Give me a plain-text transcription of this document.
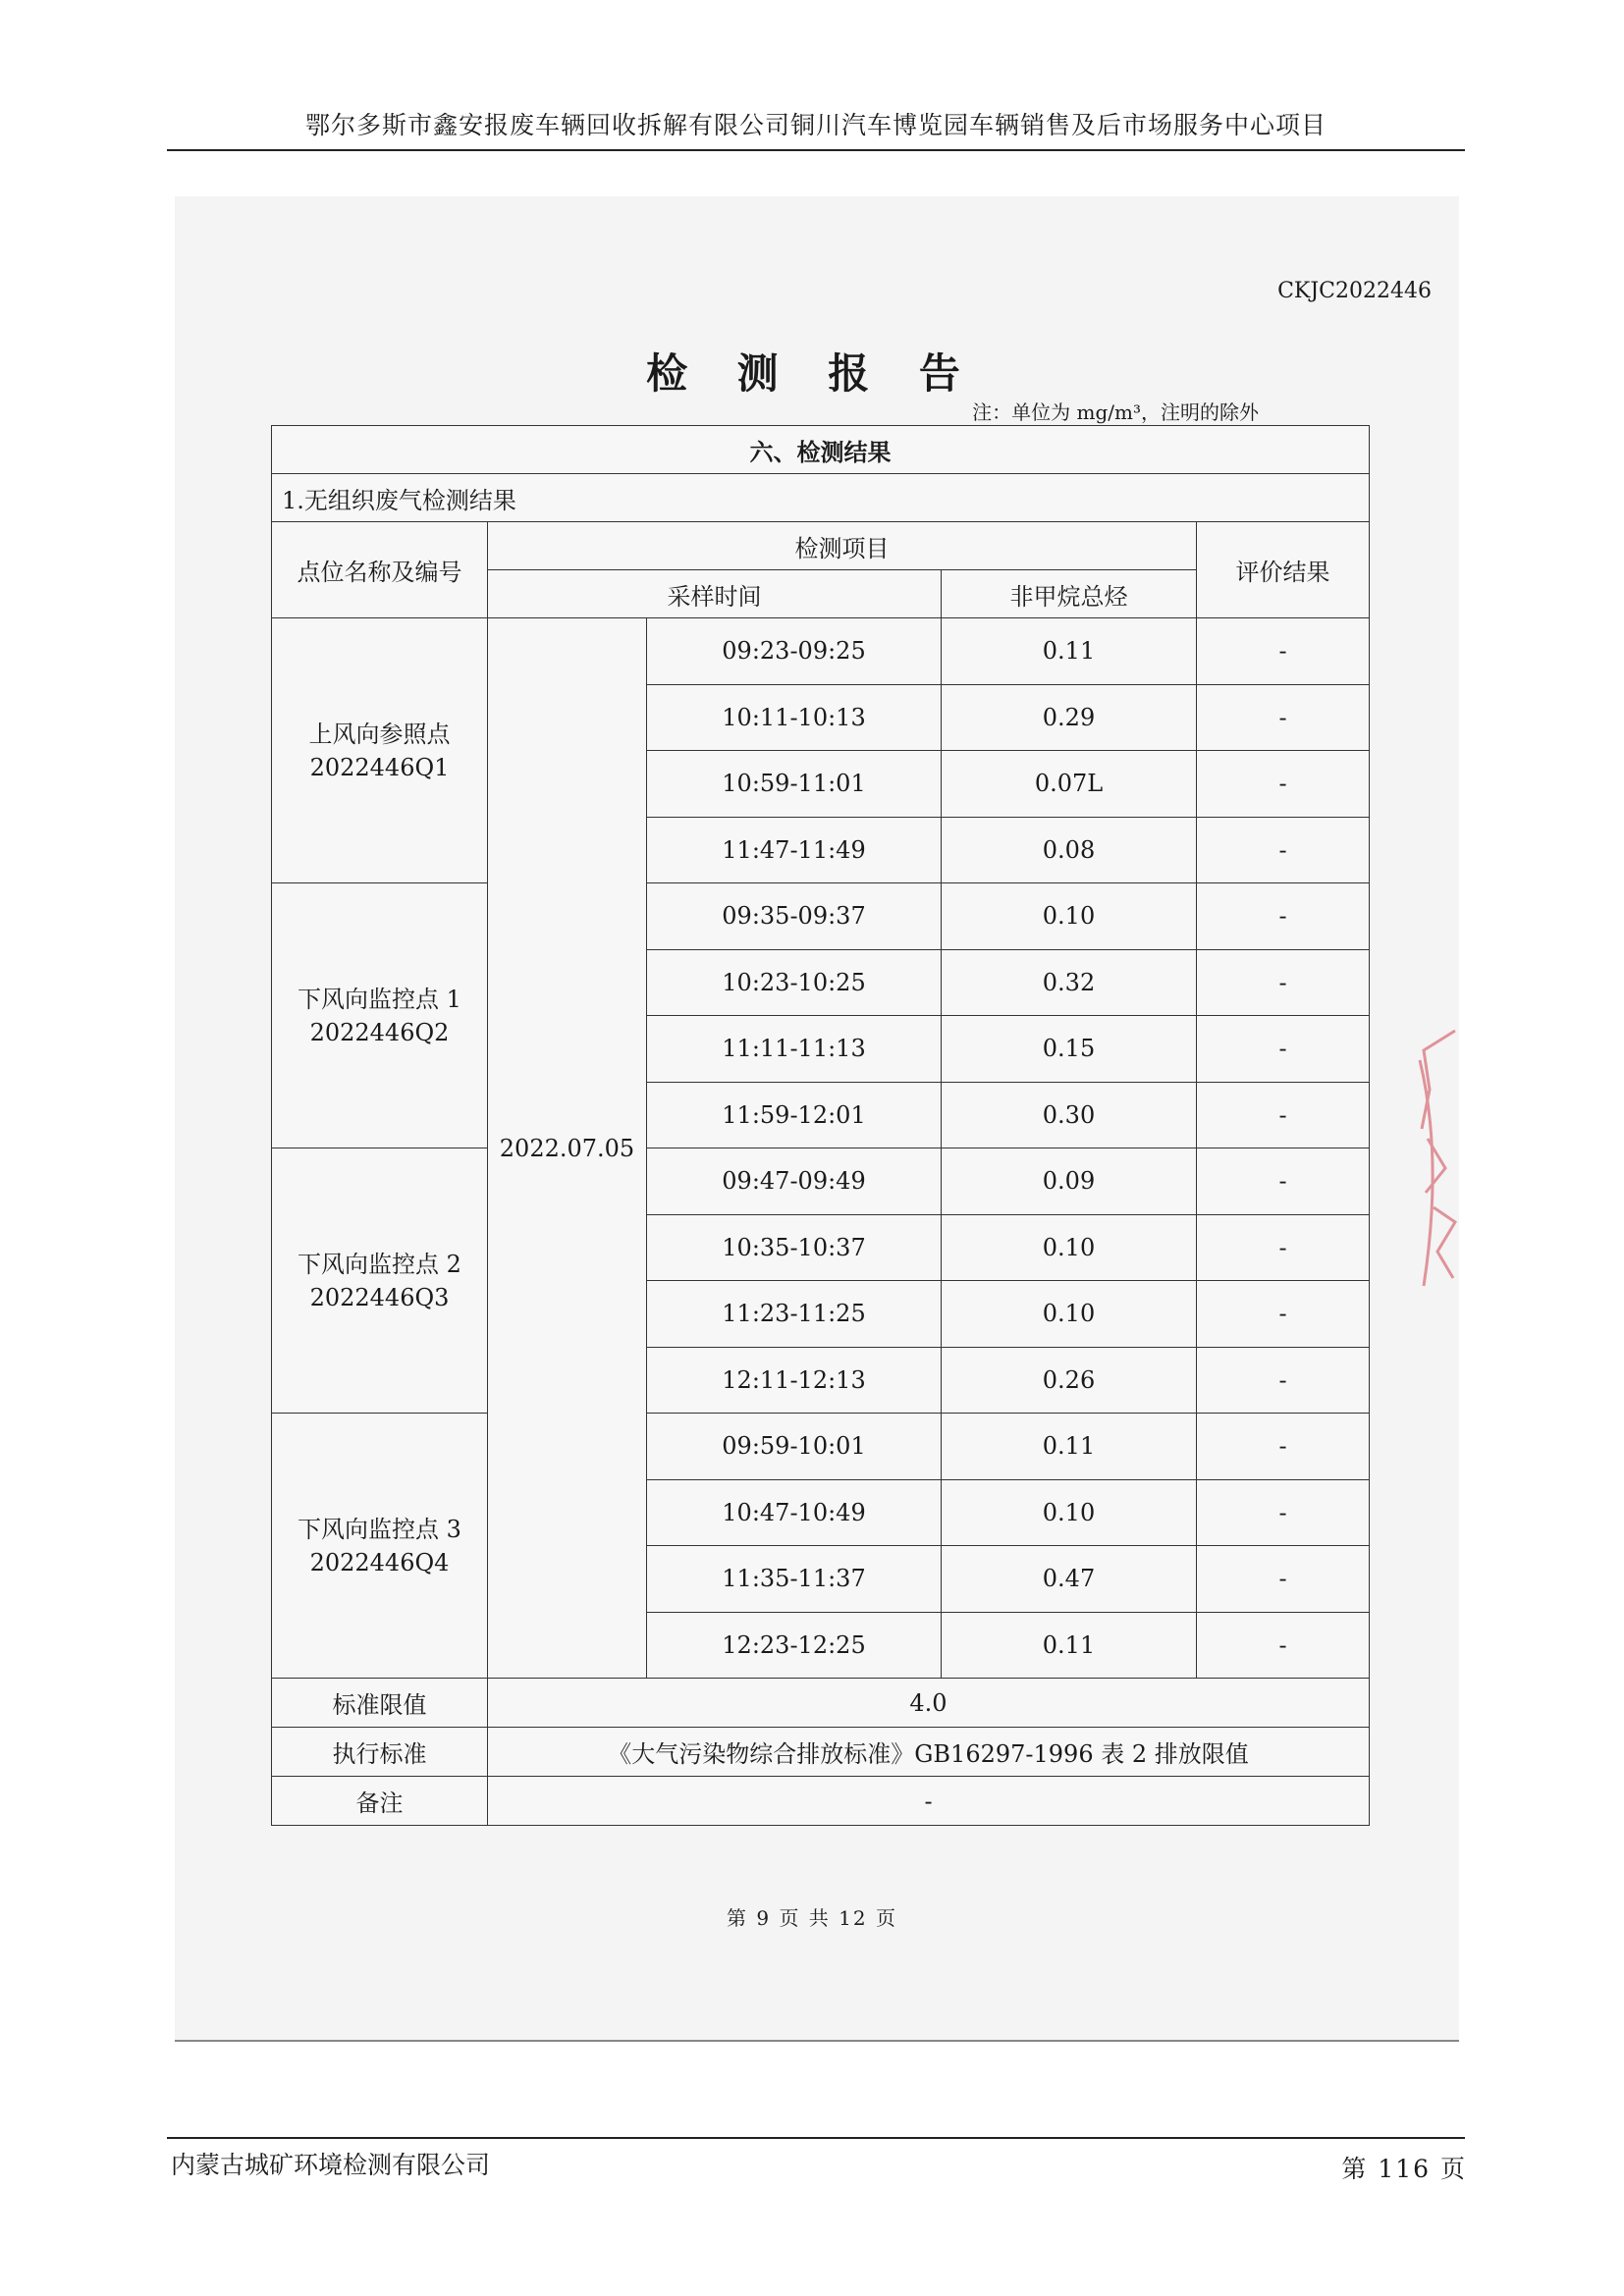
鄂尔多斯市鑫安报废车辆回收拆解有限公司铜川汽车博览园车辆销售及后市场服务中心项目
CKJC2022446
检 测 报 告
注：单位为 mg/m³，注明的除外
六、检测结果				
1.无组织废气检测结果				
点位名称及编号	检测项目			评价结果
	采样时间		非甲烷总烃	

上风向参照点
2022446Q1	2022.07.05	09:23-09:25	0.11	-
		10:11-10:13	0.29	-
		10:59-11:01	0.07L	-
		11:47-11:49	0.08	-

下风向监控点 1
2022446Q2		09:35-09:37	0.10	-
		10:23-10:25	0.32	-
		11:11-11:13	0.15	-
		11:59-12:01	0.30	-

下风向监控点 2
2022446Q3		09:47-09:49	0.09	-
		10:35-10:37	0.10	-
		11:23-11:25	0.10	-
		12:11-12:13	0.26	-

下风向监控点 3
2022446Q4		09:59-10:01	0.11	-
		10:47-10:49	0.10	-
		11:35-11:37	0.47	-
		12:23-12:25	0.11	-
标准限值	4.0			
执行标准	《大气污染物综合排放标准》GB16297-1996 表 2 排放限值			
备注	-			
第 9 页 共 12 页
内蒙古城矿环境检测有限公司	第 116 页
